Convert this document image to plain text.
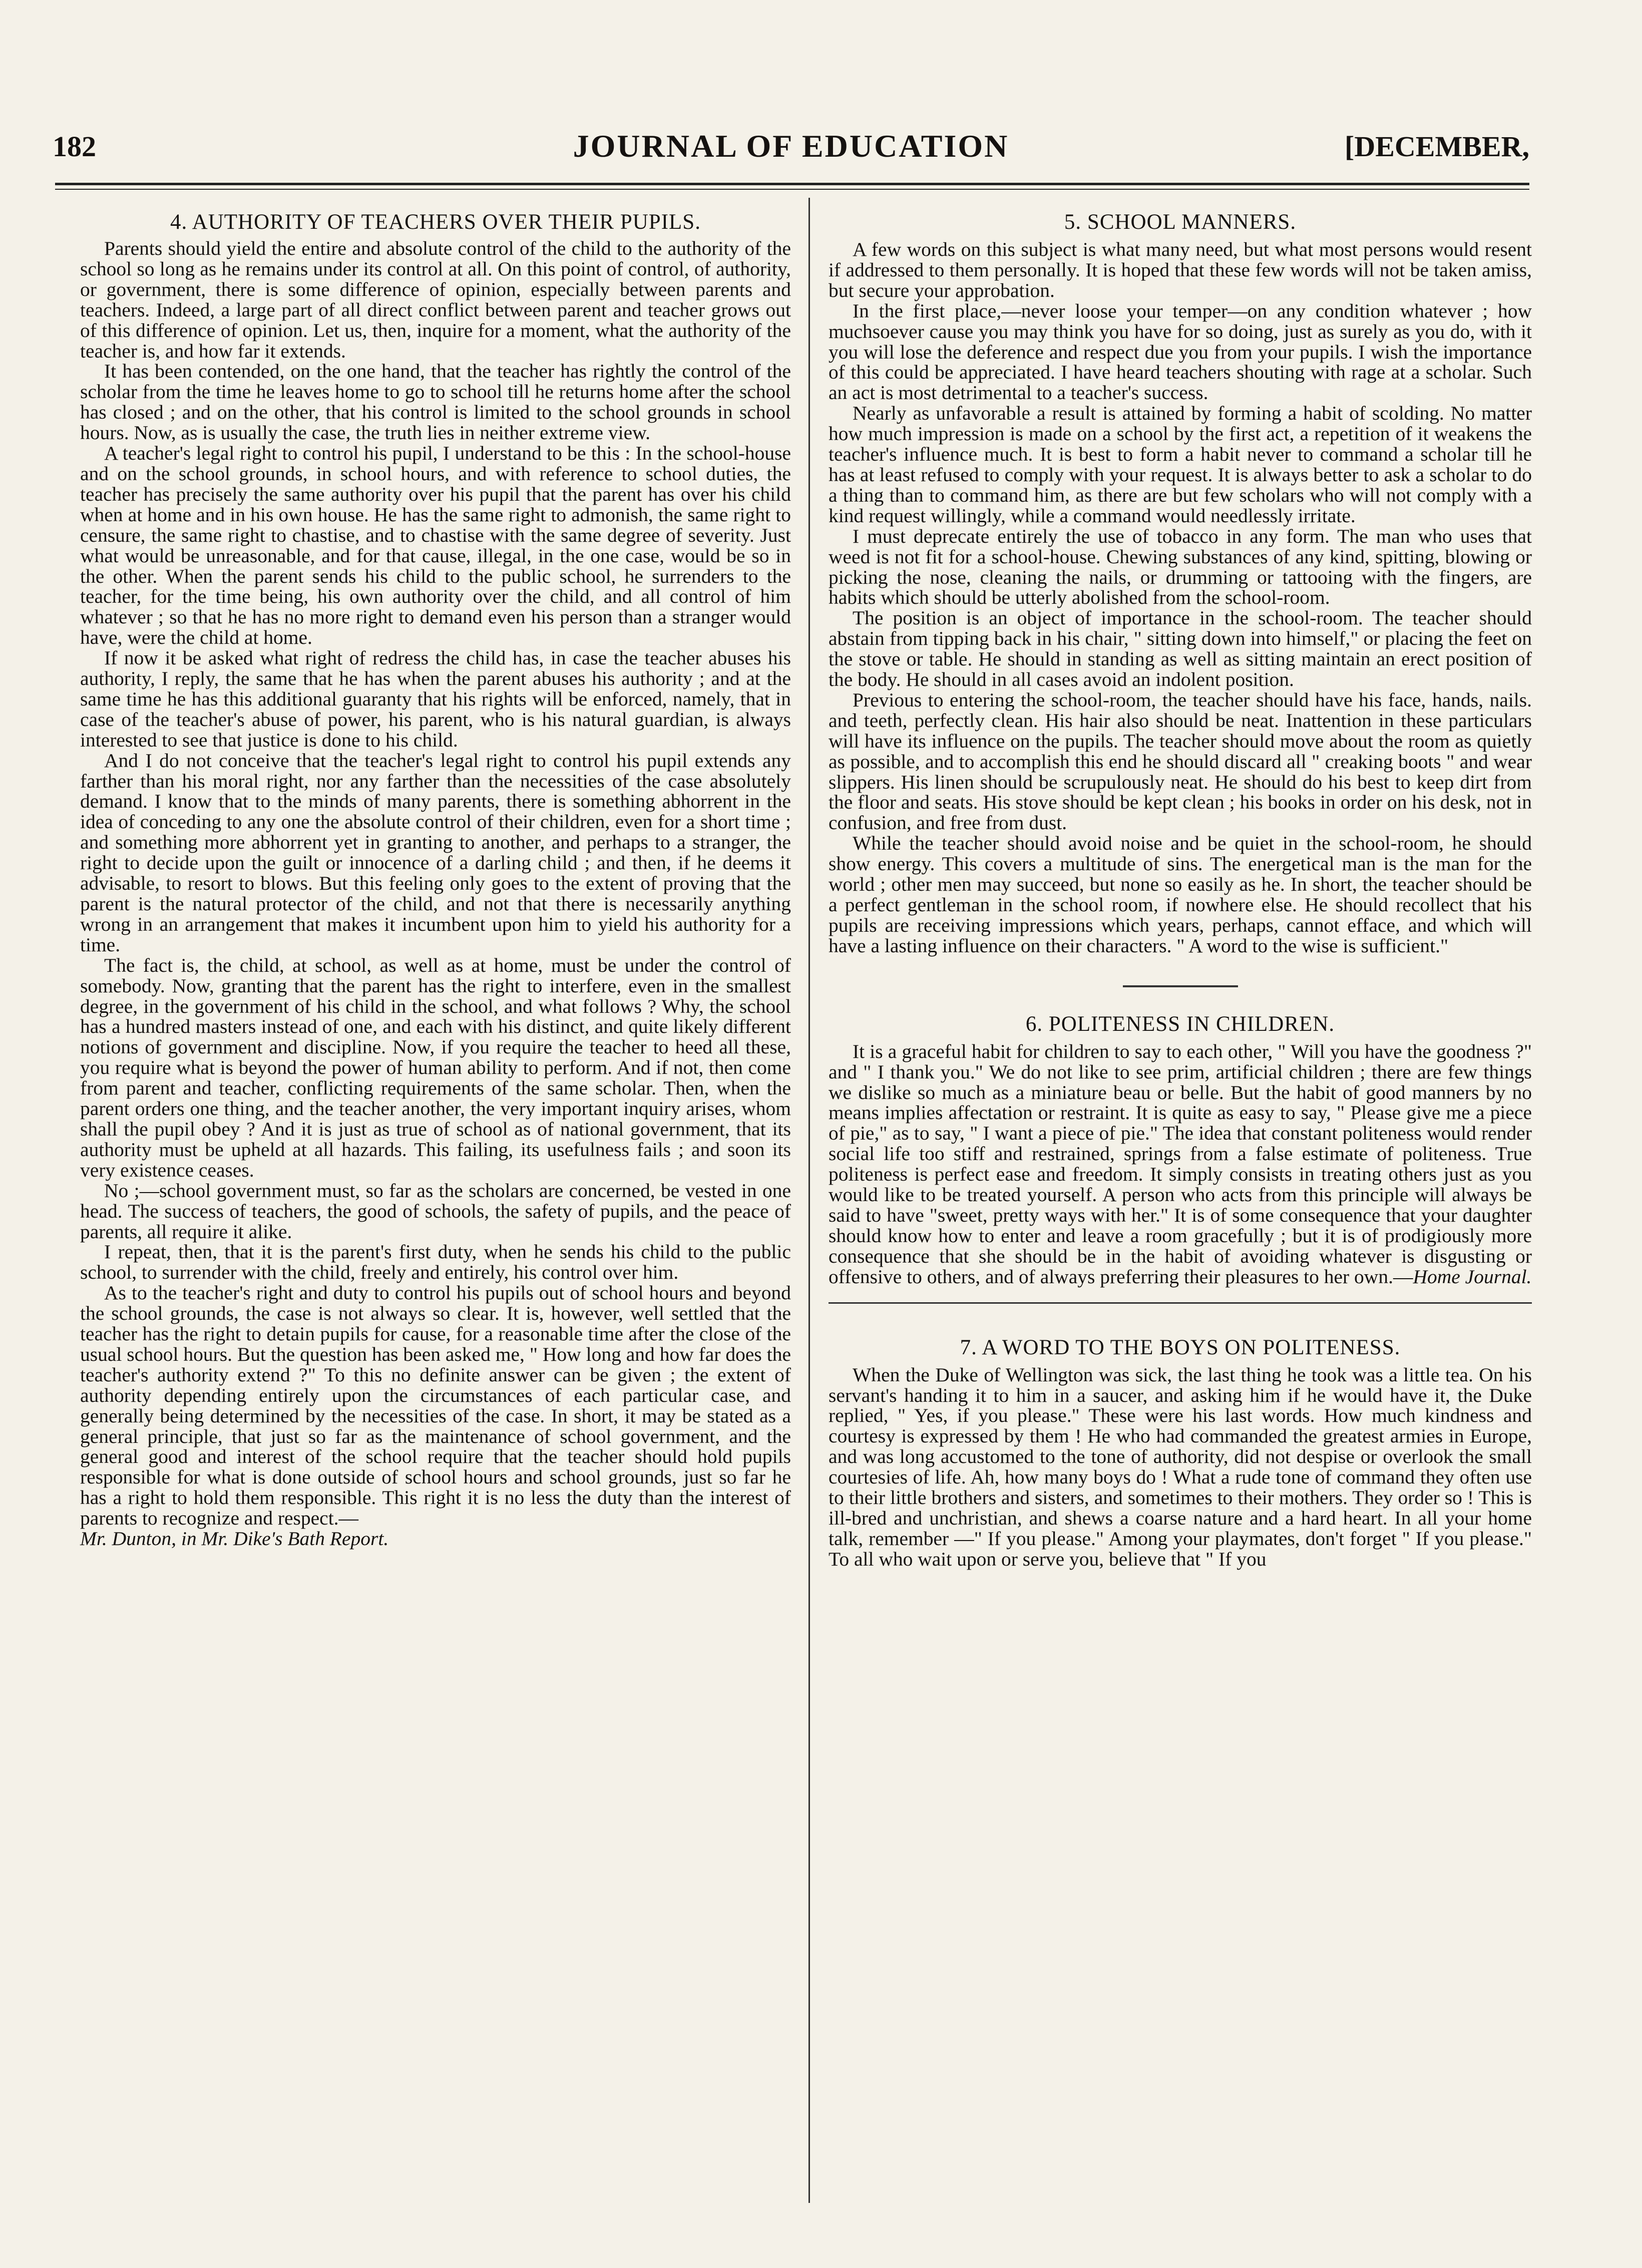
182	JOURNAL OF EDUCATION	[DECEMBER,
4. AUTHORITY OF TEACHERS OVER THEIR PUPILS.

Parents should yield the entire and absolute control of the child to the authority of the school so long as he remains under its control at all. On this point of control, of authority, or government, there is some difference of opinion, especially between parents and teachers. Indeed, a large part of all direct conflict between parent and teacher grows out of this difference of opinion. Let us, then, inquire for a moment, what the authority of the teacher is, and how far it extends.

It has been contended, on the one hand, that the teacher has rightly the control of the scholar from the time he leaves home to go to school till he returns home after the school has closed ; and on the other, that his control is limited to the school grounds in school hours. Now, as is usually the case, the truth lies in neither extreme view.

A teacher's legal right to control his pupil, I understand to be this : In the school-house and on the school grounds, in school hours, and with reference to school duties, the teacher has precisely the same authority over his pupil that the parent has over his child when at home and in his own house. He has the same right to admonish, the same right to censure, the same right to chastise, and to chastise with the same degree of severity. Just what would be unreasonable, and for that cause, illegal, in the one case, would be so in the other. When the parent sends his child to the public school, he surrenders to the teacher, for the time being, his own authority over the child, and all control of him whatever ; so that he has no more right to demand even his person than a stranger would have, were the child at home.

If now it be asked what right of redress the child has, in case the teacher abuses his authority, I reply, the same that he has when the parent abuses his authority ; and at the same time he has this additional guaranty that his rights will be enforced, namely, that in case of the teacher's abuse of power, his parent, who is his natural guardian, is always interested to see that justice is done to his child.

And I do not conceive that the teacher's legal right to control his pupil extends any farther than his moral right, nor any farther than the necessities of the case absolutely demand. I know that to the minds of many parents, there is something abhorrent in the idea of conceding to any one the absolute control of their children, even for a short time ; and something more abhorrent yet in granting to another, and perhaps to a stranger, the right to decide upon the guilt or innocence of a darling child ; and then, if he deems it advisable, to resort to blows. But this feeling only goes to the extent of proving that the parent is the natural protector of the child, and not that there is necessarily anything wrong in an arrangement that makes it incumbent upon him to yield his authority for a time.

The fact is, the child, at school, as well as at home, must be under the control of somebody. Now, granting that the parent has the right to interfere, even in the smallest degree, in the government of his child in the school, and what follows ? Why, the school has a hundred masters instead of one, and each with his distinct, and quite likely different notions of government and discipline. Now, if you require the teacher to heed all these, you require what is beyond the power of human ability to perform. And if not, then come from parent and teacher, conflicting requirements of the same scholar. Then, when the parent orders one thing, and the teacher another, the very important inquiry arises, whom shall the pupil obey ? And it is just as true of school as of national government, that its authority must be upheld at all hazards. This failing, its usefulness fails ; and soon its very existence ceases.

No ;—school government must, so far as the scholars are concerned, be vested in one head. The success of teachers, the good of schools, the safety of pupils, and the peace of parents, all require it alike.

I repeat, then, that it is the parent's first duty, when he sends his child to the public school, to surrender with the child, freely and entirely, his control over him.

As to the teacher's right and duty to control his pupils out of school hours and beyond the school grounds, the case is not always so clear. It is, however, well settled that the teacher has the right to detain pupils for cause, for a reasonable time after the close of the usual school hours. But the question has been asked me, " How long and how far does the teacher's authority extend ?" To this no definite answer can be given ; the extent of authority depending entirely upon the circumstances of each particular case, and generally being determined by the necessities of the case. In short, it may be stated as a general principle, that just so far as the maintenance of school government, and the general good and interest of the school require that the teacher should hold pupils responsible for what is done outside of school hours and school grounds, just so far he has a right to hold them responsible. This right it is no less the duty than the interest of parents to recognize and respect.—
Mr. Dunton, in Mr. Dike's Bath Report.

5. SCHOOL MANNERS.

A few words on this subject is what many need, but what most persons would resent if addressed to them personally. It is hoped that these few words will not be taken amiss, but secure your approbation.

In the first place,—never loose your temper—on any condition whatever ; how muchsoever cause you may think you have for so doing, just as surely as you do, with it you will lose the deference and respect due you from your pupils. I wish the importance of this could be appreciated. I have heard teachers shouting with rage at a scholar. Such an act is most detrimental to a teacher's success.

Nearly as unfavorable a result is attained by forming a habit of scolding. No matter how much impression is made on a school by the first act, a repetition of it weakens the teacher's influence much. It is best to form a habit never to command a scholar till he has at least refused to comply with your request. It is always better to ask a scholar to do a thing than to command him, as there are but few scholars who will not comply with a kind request willingly, while a command would needlessly irritate.

I must deprecate entirely the use of tobacco in any form. The man who uses that weed is not fit for a school-house. Chewing substances of any kind, spitting, blowing or picking the nose, cleaning the nails, or drumming or tattooing with the fingers, are habits which should be utterly abolished from the school-room.

The position is an object of importance in the school-room. The teacher should abstain from tipping back in his chair, " sitting down into himself," or placing the feet on the stove or table. He should in standing as well as sitting maintain an erect position of the body. He should in all cases avoid an indolent position.

Previous to entering the school-room, the teacher should have his face, hands, nails. and teeth, perfectly clean. His hair also should be neat. Inattention in these particulars will have its influence on the pupils. The teacher should move about the room as quietly as possible, and to accomplish this end he should discard all " creaking boots " and wear slippers. His linen should be scrupulously neat. He should do his best to keep dirt from the floor and seats. His stove should be kept clean ; his books in order on his desk, not in confusion, and free from dust.

While the teacher should avoid noise and be quiet in the school-room, he should show energy. This covers a multitude of sins. The energetical man is the man for the world ; other men may succeed, but none so easily as he. In short, the teacher should be a perfect gentleman in the school room, if nowhere else. He should recollect that his pupils are receiving impressions which years, perhaps, cannot efface, and which will have a lasting influence on their characters. " A word to the wise is sufficient."

6. POLITENESS IN CHILDREN.

It is a graceful habit for children to say to each other, " Will you have the goodness ?" and " I thank you." We do not like to see prim, artificial children ; there are few things we dislike so much as a miniature beau or belle. But the habit of good manners by no means implies affectation or restraint. It is quite as easy to say, " Please give me a piece of pie," as to say, " I want a piece of pie." The idea that constant politeness would render social life too stiff and restrained, springs from a false estimate of politeness. True politeness is perfect ease and freedom. It simply consists in treating others just as you would like to be treated yourself. A person who acts from this principle will always be said to have "sweet, pretty ways with her." It is of some consequence that your daughter should know how to enter and leave a room gracefully ; but it is of prodigiously more consequence that she should be in the habit of avoiding whatever is disgusting or offensive to others, and of always preferring their pleasures to her own.—Home Journal.

7. A WORD TO THE BOYS ON POLITENESS.

When the Duke of Wellington was sick, the last thing he took was a little tea. On his servant's handing it to him in a saucer, and asking him if he would have it, the Duke replied, " Yes, if you please." These were his last words. How much kindness and courtesy is expressed by them ! He who had commanded the greatest armies in Europe, and was long accustomed to the tone of authority, did not despise or overlook the small courtesies of life. Ah, how many boys do ! What a rude tone of command they often use to their little brothers and sisters, and sometimes to their mothers. They order so ! This is ill-bred and unchristian, and shews a coarse nature and a hard heart. In all your home talk, remember —" If you please." Among your playmates, don't forget " If you please." To all who wait upon or serve you, believe that " If you
